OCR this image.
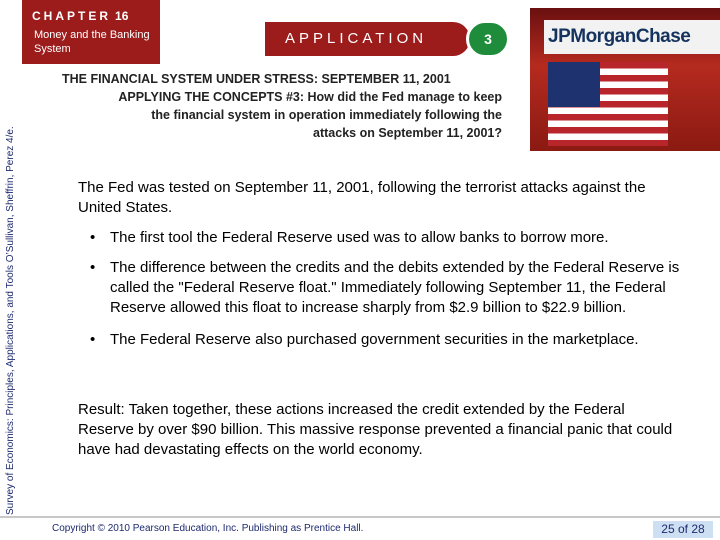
CHAPTER 16
Money and the Banking System
Survey of Economics: Principles, Applications, and Tools O’Sullivan, Sheffrin, Perez 4/e.
APPLICATION	3	JPMorganChase
THE FINANCIAL SYSTEM UNDER STRESS: SEPTEMBER 11, 2001
APPLYING THE CONCEPTS #3: How did the Fed manage to keep
the financial system in operation immediately following the
attacks on September 11, 2001?
The Fed was tested on September 11, 2001, following the terrorist attacks against the United States.
• The first tool the Federal Reserve used was to allow banks to borrow more.
• The difference between the credits and the debits extended by the Federal Reserve is called the "Federal Reserve float." Immediately following September 11, the Federal Reserve allowed this float to increase sharply from $2.9 billion to $22.9 billion.
• The Federal Reserve also purchased government securities in the marketplace.
Result: Taken together, these actions increased the credit extended by the Federal Reserve by over $90 billion. This massive response prevented a financial panic that could have had devastating effects on the world economy.
Copyright © 2010 Pearson Education, Inc. Publishing as Prentice Hall.	25 of 28
